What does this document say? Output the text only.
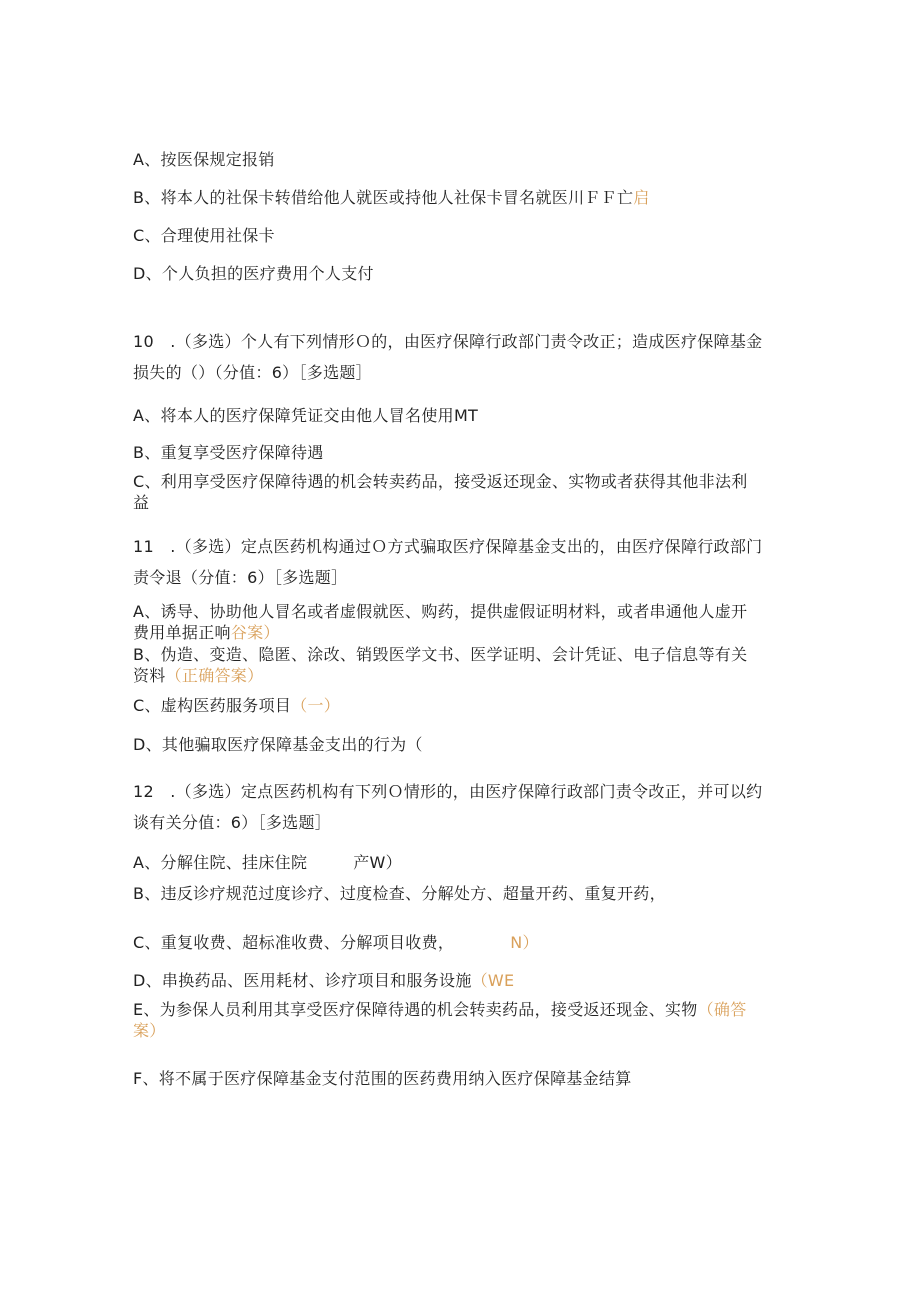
A、按医保规定报销
B、将本人的社保卡转借给他人就医或持他人社保卡冒名就医川ＦＦ亡启
C、合理使用社保卡
D、个人负担的医疗费用个人支付
10　.（多选）个人有下列情形Ｏ的，由医疗保障行政部门责令改正；造成医疗保障基金
损失的（）（分值：6）［多选题］
A、将本人的医疗保障凭证交由他人冒名使用MT
B、重复享受医疗保障待遇
C、利用享受医疗保障待遇的机会转卖药品，接受返还现金、实物或者获得其他非法利
益
11　.（多选）定点医药机构通过Ｏ方式骗取医疗保障基金支出的，由医疗保障行政部门
责令退（分值：6）［多选题］
A、诱导、协助他人冒名或者虚假就医、购药，提供虚假证明材料，或者串通他人虚开
费用单据正响谷案）
B、伪造、变造、隐匿、涂改、销毁医学文书、医学证明、会计凭证、电子信息等有关
资料（正确答案）
C、虚构医药服务项目（一）
D、其他骗取医疗保障基金支出的行为（
12　.（多选）定点医药机构有下列Ｏ情形的，由医疗保障行政部门责令改正，并可以约
谈有关分值：6）［多选题］
A、分解住院、挂床住院	产W）
B、违反诊疗规范过度诊疗、过度检查、分解处方、超量开药、重复开药，
C、重复收费、超标准收费、分解项目收费，	N）
D、串换药品、医用耗材、诊疗项目和服务设施（WE
E、为参保人员利用其享受医疗保障待遇的机会转卖药品，接受返还现金、实物（确答
案）
F、将不属于医疗保障基金支付范围的医药费用纳入医疗保障基金结算
